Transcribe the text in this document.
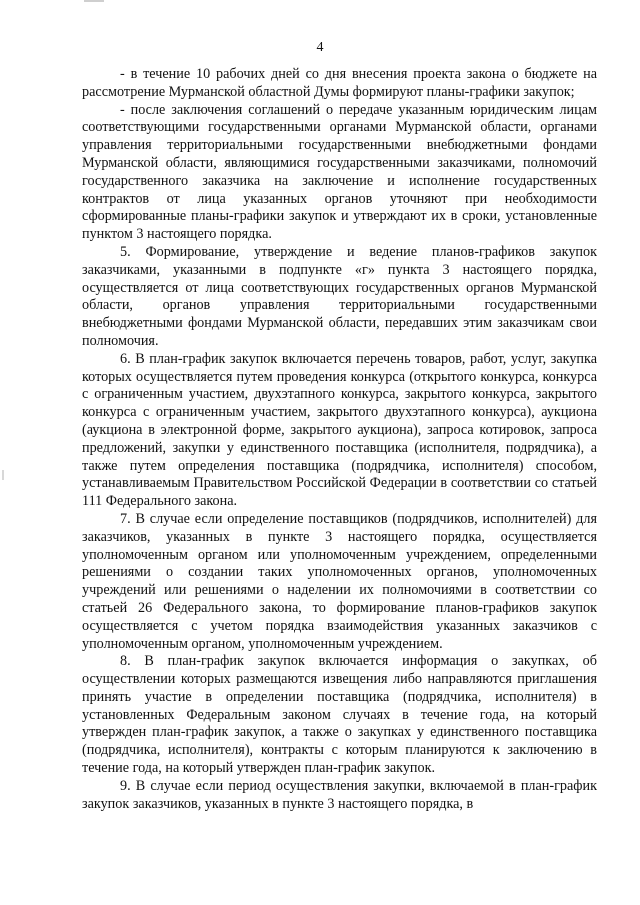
4

- в течение 10 рабочих дней со дня внесения проекта закона о бюджете на рассмотрение Мурманской областной Думы формируют планы-графики закупок;

- после заключения соглашений о передаче указанным юридическим лицам соответствующими государственными органами Мурманской области, органами управления территориальными государственными внебюджетными фондами Мурманской области, являющимися государственными заказчиками, полномочий государственного заказчика на заключение и исполнение государственных контрактов от лица указанных органов уточняют при необходимости сформированные планы-графики закупок и утверждают их в сроки, установленные пунктом 3 настоящего порядка.

5. Формирование, утверждение и ведение планов-графиков закупок заказчиками, указанными в подпункте «г» пункта 3 настоящего порядка, осуществляется от лица соответствующих государственных органов Мурманской области, органов управления территориальными государственными внебюджетными фондами Мурманской области, передавших этим заказчикам свои полномочия.

6. В план-график закупок включается перечень товаров, работ, услуг, закупка которых осуществляется путем проведения конкурса (открытого конкурса, конкурса с ограниченным участием, двухэтапного конкурса, закрытого конкурса, закрытого конкурса с ограниченным участием, закрытого двухэтапного конкурса), аукциона (аукциона в электронной форме, закрытого аукциона), запроса котировок, запроса предложений, закупки у единственного поставщика (исполнителя, подрядчика), а также путем определения поставщика (подрядчика, исполнителя) способом, устанавливаемым Правительством Российской Федерации в соответствии со статьей 111 Федерального закона.

7. В случае если определение поставщиков (подрядчиков, исполнителей) для заказчиков, указанных в пункте 3 настоящего порядка, осуществляется уполномоченным органом или уполномоченным учреждением, определенными решениями о создании таких уполномоченных органов, уполномоченных учреждений или решениями о наделении их полномочиями в соответствии со статьей 26 Федерального закона, то формирование планов-графиков закупок осуществляется с учетом порядка взаимодействия указанных заказчиков с уполномоченным органом, уполномоченным учреждением.

8. В план-график закупок включается информация о закупках, об осуществлении которых размещаются извещения либо направляются приглашения принять участие в определении поставщика (подрядчика, исполнителя) в установленных Федеральным законом случаях в течение года, на который утвержден план-график закупок, а также о закупках у единственного поставщика (подрядчика, исполнителя), контракты с которым планируются к заключению в течение года, на который утвержден план-график закупок.

9. В случае если период осуществления закупки, включаемой в план-график закупок заказчиков, указанных в пункте 3 настоящего порядка, в
